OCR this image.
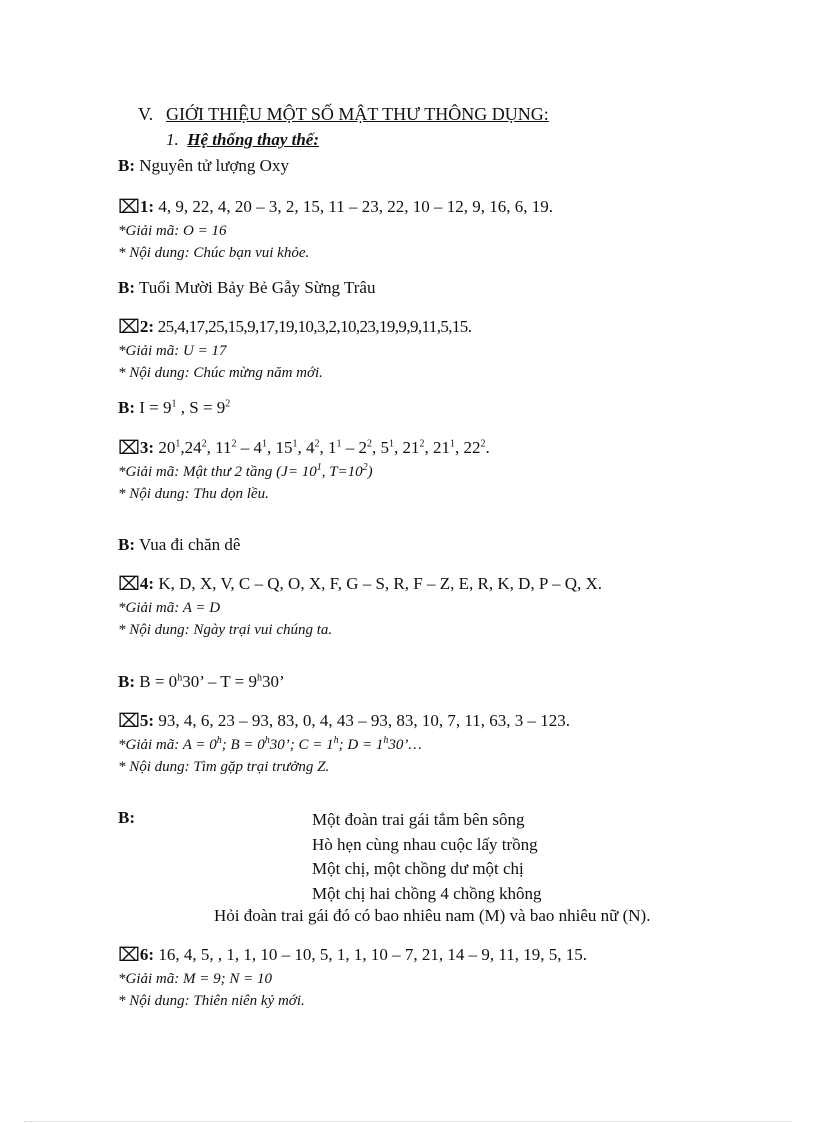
V. GIỚI THIỆU MỘT SỐ MẬT THƯ THÔNG DỤNG:
1. Hệ thống thay thế:
B: Nguyên tử lượng Oxy
⌧1: 4, 9, 22, 4, 20 – 3, 2, 15, 11 – 23, 22, 10 – 12, 9, 16, 6, 19.
*Giải mã: O = 16
* Nội dung: Chúc bạn vui khỏe.
B: Tuổi Mười Bảy Bẻ Gẫy Sừng Trâu
⌧2: 25,4,17,25,15,9,17,19,10,3,2,10,23,19,9,9,11,5,15.
*Giải mã: U = 17
* Nội dung: Chúc mừng năm mới.
B: $I = 9^1$ , $S = 9^2$
⌧3: $20^1,24^2$, $11^2 - 4^1$, $15^1$, $4^2$, $1^1 - 2^2$, $5^1$, $21^2$, $21^1$, $22^2$.
*Giải mã: Mật thư 2 tầng ($J= 10^1$, $T=10^2$)
* Nội dung: Thu dọn lều.
B: Vua đi chăn dê
⌧4: K, D, X, V, C – Q, O, X, F, G – S, R, F – Z, E, R, K, D, P – Q, X.
*Giải mã: A = D
* Nội dung: Ngày trại vui chúng ta.
B: $B = 0^h30$’ – $T = 9^h30$’
⌧5: 93, 4, 6, 23 – 93, 83, 0, 4, 43 – 93, 83, 10, 7, 11, 63, 3 – 123.
*Giải mã: $A = 0^h$; $B = 0^h30$’; $C = 1^h$; $D = 1^h30’\dots$
* Nội dung: Tìm gặp trại trưởng Z.
B:	Một đoàn trai gái tắm bên sông
Hò hẹn cùng nhau cuộc lấy trồng
Một chị, một chồng dư một chị
Một chị hai chồng 4 chồng không
Hỏi đoàn trai gái đó có bao nhiêu nam (M) và bao nhiêu nữ (N).
⌧6: 16, 4, 5, , 1, 1, 10 – 10, 5, 1, 1, 10 – 7, 21, 14 – 9, 11, 19, 5, 15.
*Giải mã: M = 9; N = 10
* Nội dung: Thiên niên kỷ mới.
